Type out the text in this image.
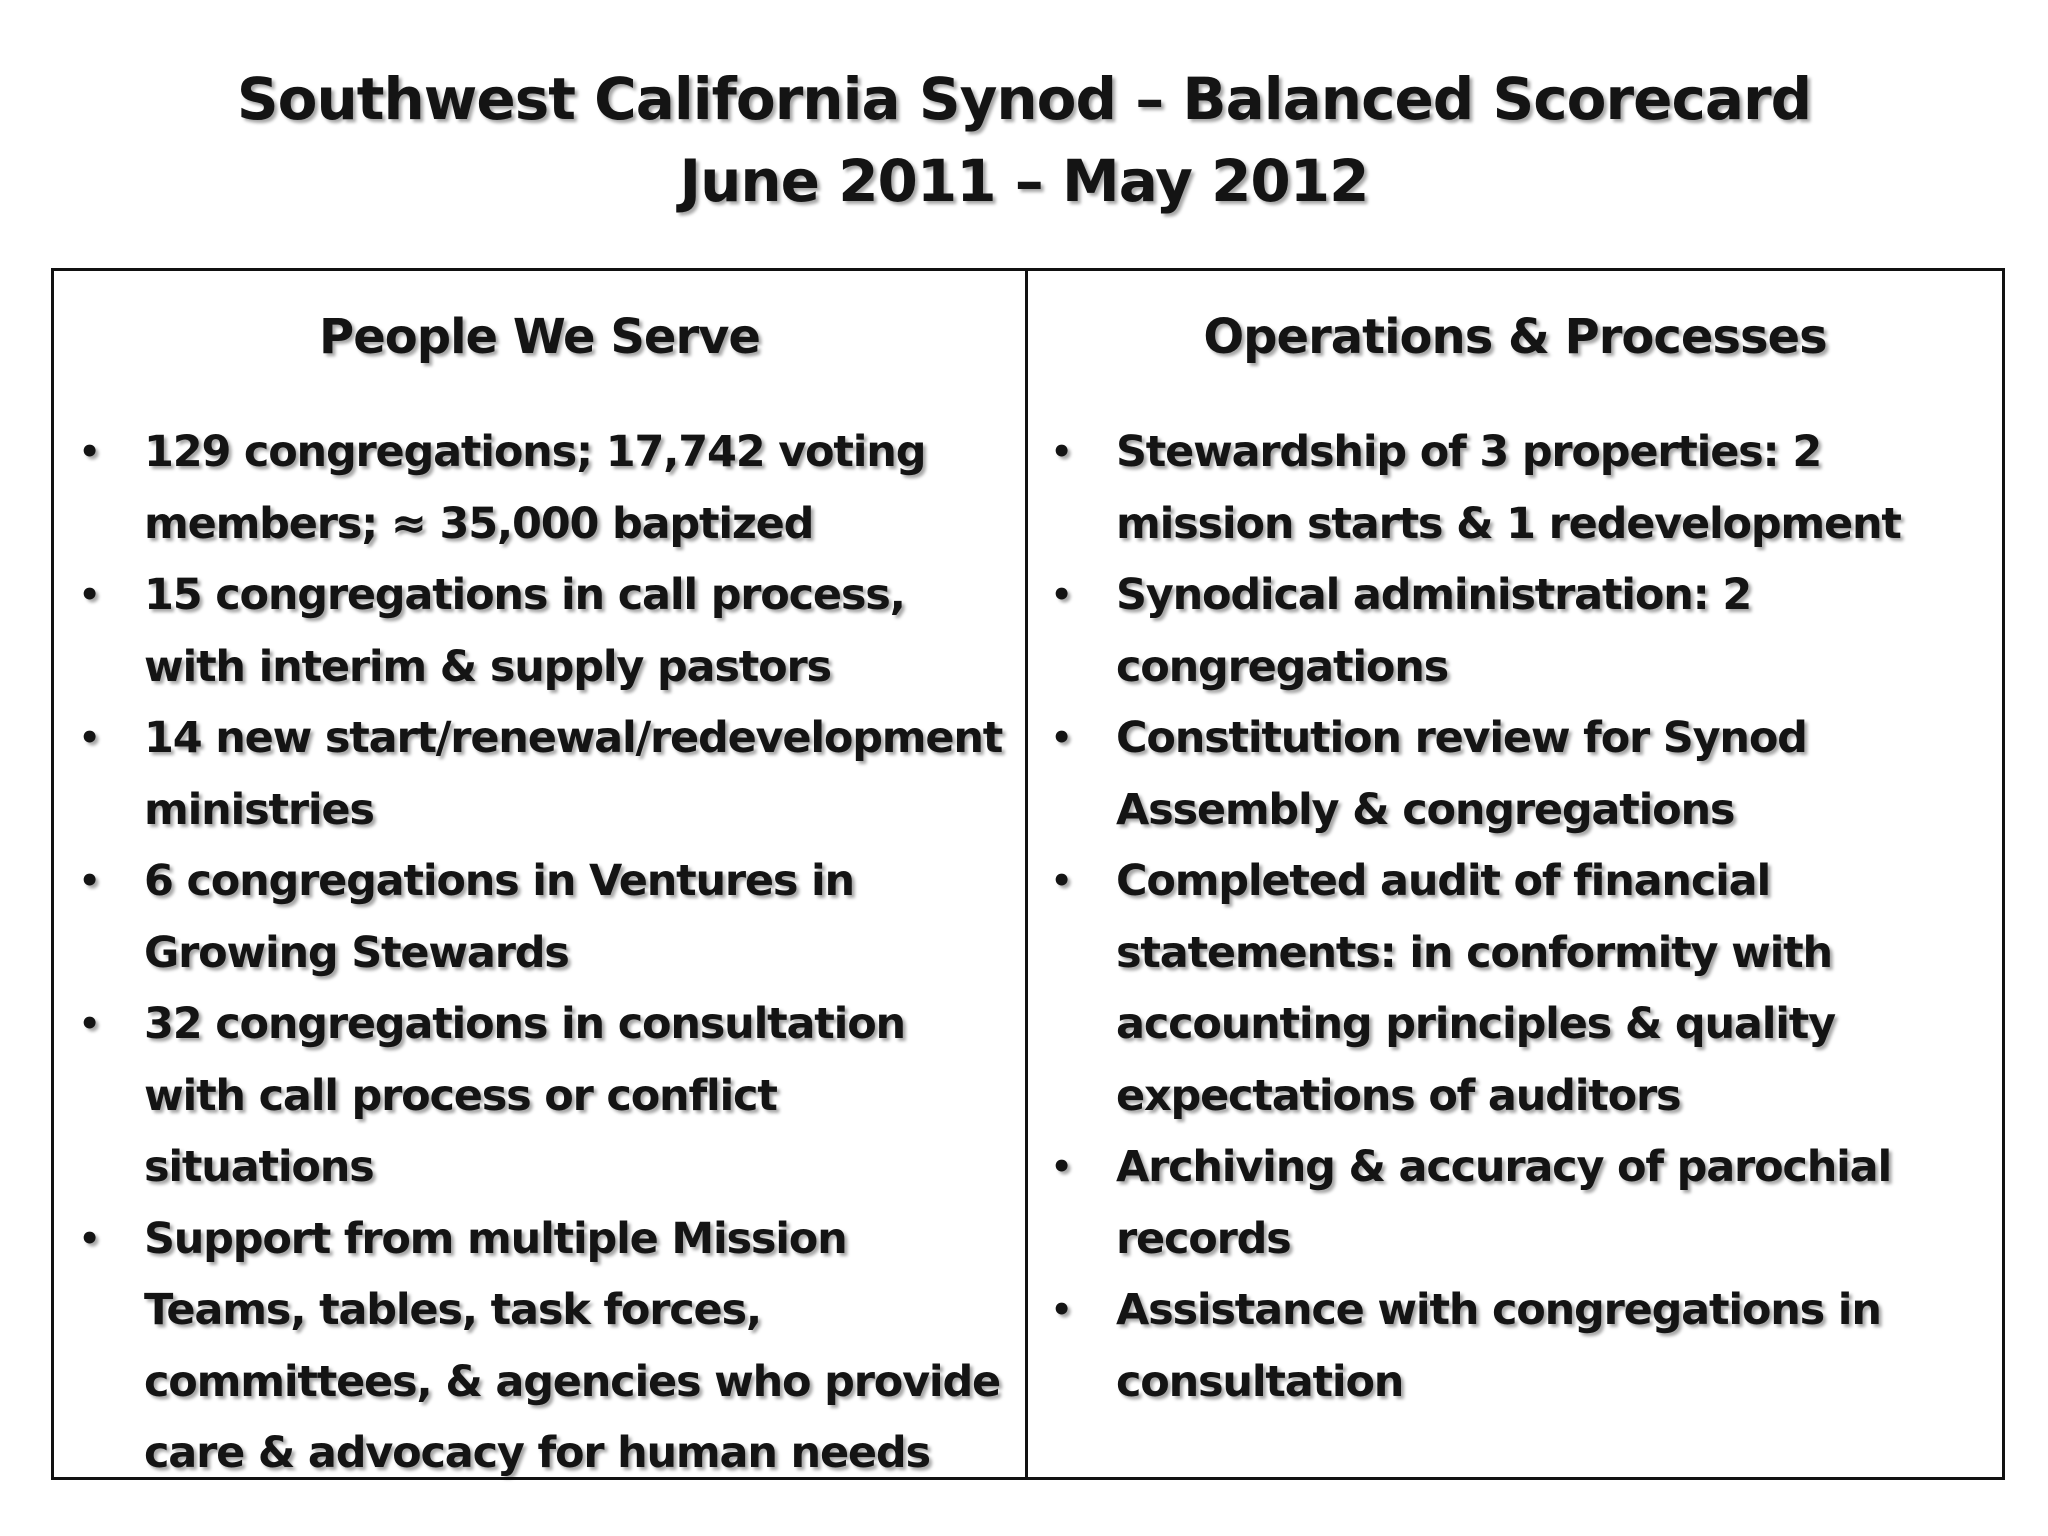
Southwest California Synod – Balanced Scorecard
June 2011 – May 2012
People We Serve
• 129 congregations; 17,742 voting members; ≈ 35,000 baptized
• 15 congregations in call process, with interim & supply pastors
• 14 new start/renewal/redevelopment ministries
• 6 congregations in Ventures in Growing Stewards
• 32 congregations in consultation with call process or conflict situations
• Support from multiple Mission Teams, tables, task forces, committees, & agencies who provide care & advocacy for human needs
Operations & Processes
• Stewardship of 3 properties: 2 mission starts & 1 redevelopment
• Synodical administration: 2 congregations
• Constitution review for Synod Assembly & congregations
• Completed audit of financial statements: in conformity with accounting principles & quality expectations of auditors
• Archiving & accuracy of parochial records
• Assistance with congregations in consultation
